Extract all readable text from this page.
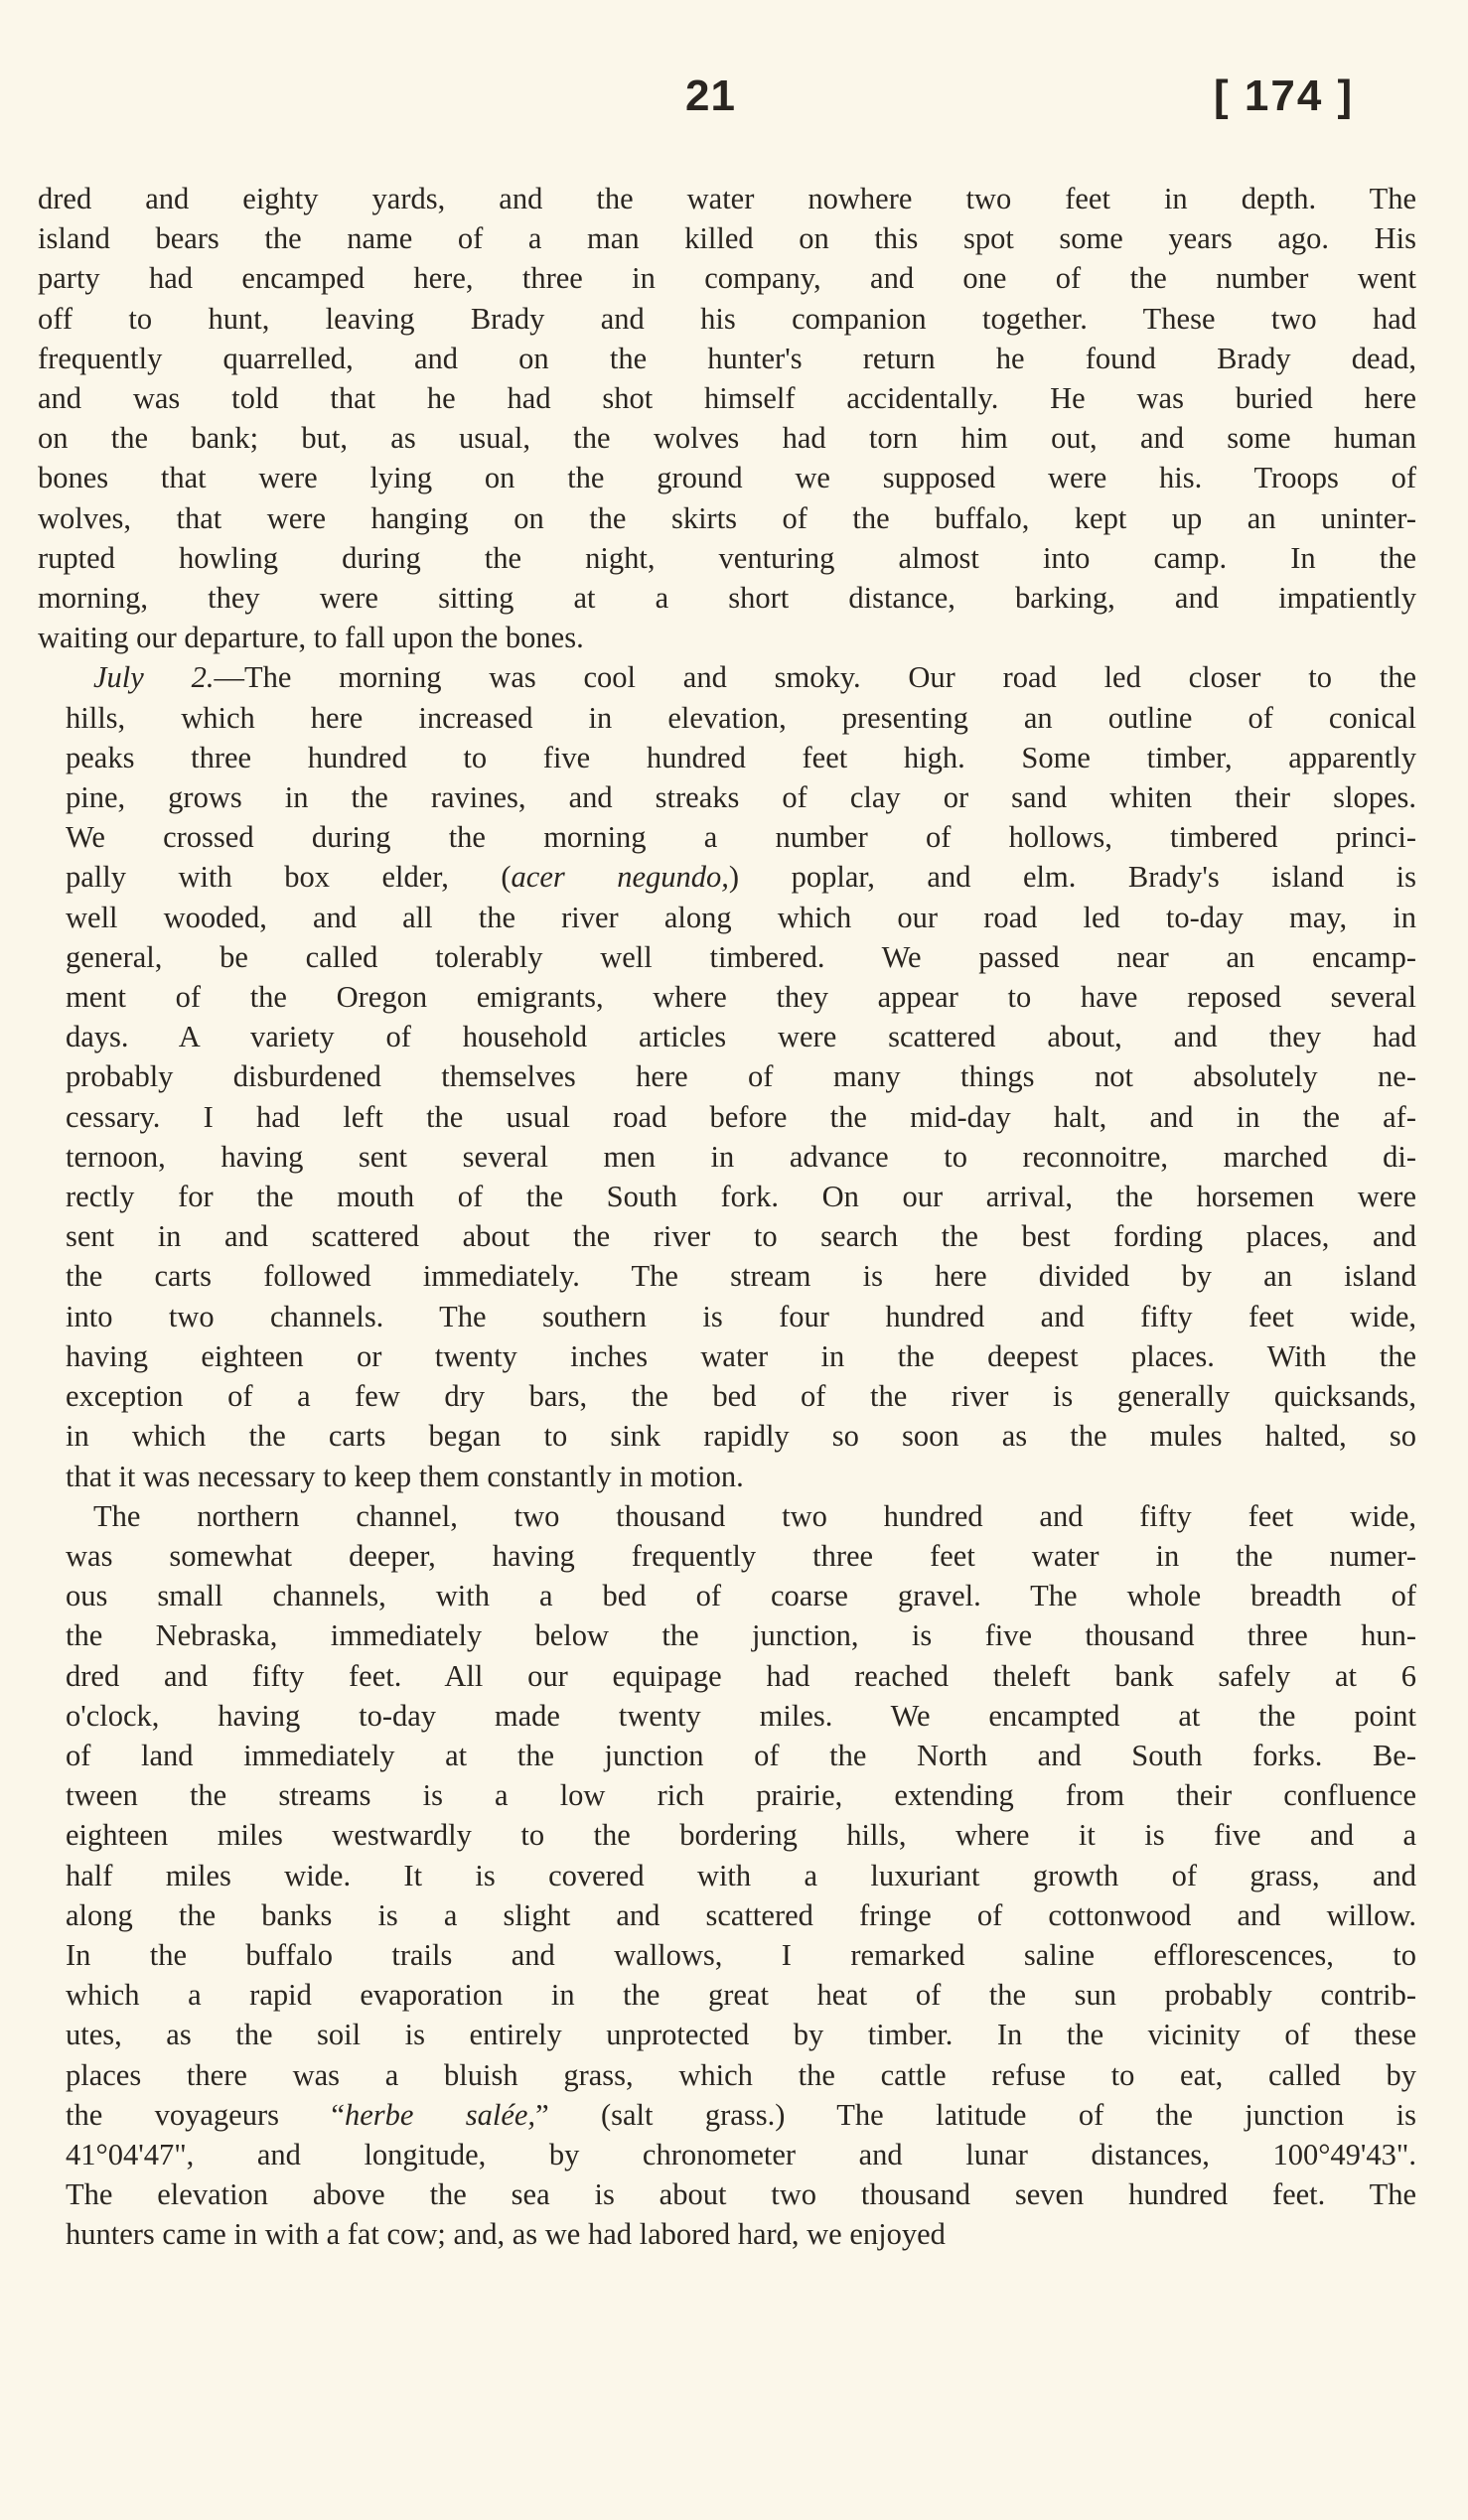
21	[ 174 ]
dred and eighty yards, and the water nowhere two feet in depth. The
island bears the name of a man killed on this spot some years ago. His
party had encamped here, three in company, and one of the number went
off to hunt, leaving Brady and his companion together. These two had
frequently quarrelled, and on the hunter's return he found Brady dead,
and was told that he had shot himself accidentally. He was buried here
on the bank; but, as usual, the wolves had torn him out, and some human
bones that were lying on the ground we supposed were his. Troops of
wolves, that were hanging on the skirts of the buffalo, kept up an uninter-
rupted howling during the night, venturing almost into camp. In the
morning, they were sitting at a short distance, barking, and impatiently
waiting our departure, to fall upon the bones.
July 2.—The morning was cool and smoky. Our road led closer to the
hills, which here increased in elevation, presenting an outline of conical
peaks three hundred to five hundred feet high. Some timber, apparently
pine, grows in the ravines, and streaks of clay or sand whiten their slopes.
We crossed during the morning a number of hollows, timbered princi-
pally with box elder, (acer negundo,) poplar, and elm. Brady's island is
well wooded, and all the river along which our road led to-day may, in
general, be called tolerably well timbered. We passed near an encamp-
ment of the Oregon emigrants, where they appear to have reposed several
days. A variety of household articles were scattered about, and they had
probably disburdened themselves here of many things not absolutely ne-
cessary. I had left the usual road before the mid-day halt, and in the af-
ternoon, having sent several men in advance to reconnoitre, marched di-
rectly for the mouth of the South fork. On our arrival, the horsemen were
sent in and scattered about the river to search the best fording places, and
the carts followed immediately. The stream is here divided by an island
into two channels. The southern is four hundred and fifty feet wide,
having eighteen or twenty inches water in the deepest places. With the
exception of a few dry bars, the bed of the river is generally quicksands,
in which the carts began to sink rapidly so soon as the mules halted, so
that it was necessary to keep them constantly in motion.
The northern channel, two thousand two hundred and fifty feet wide,
was somewhat deeper, having frequently three feet water in the numer-
ous small channels, with a bed of coarse gravel. The whole breadth of
the Nebraska, immediately below the junction, is five thousand three hun-
dred and fifty feet. All our equipage had reached theleft bank safely at 6
o'clock, having to-day made twenty miles. We encampted at the point
of land immediately at the junction of the North and South forks. Be-
tween the streams is a low rich prairie, extending from their confluence
eighteen miles westwardly to the bordering hills, where it is five and a
half miles wide. It is covered with a luxuriant growth of grass, and
along the banks is a slight and scattered fringe of cottonwood and willow.
In the buffalo trails and wallows, I remarked saline efflorescences, to
which a rapid evaporation in the great heat of the sun probably contrib-
utes, as the soil is entirely unprotected by timber. In the vicinity of these
places there was a bluish grass, which the cattle refuse to eat, called by
the voyageurs “herbe salée,” (salt grass.) The latitude of the junction is
41°04'47", and longitude, by chronometer and lunar distances, 100°49'43".
The elevation above the sea is about two thousand seven hundred feet. The
hunters came in with a fat cow; and, as we had labored hard, we enjoyed
